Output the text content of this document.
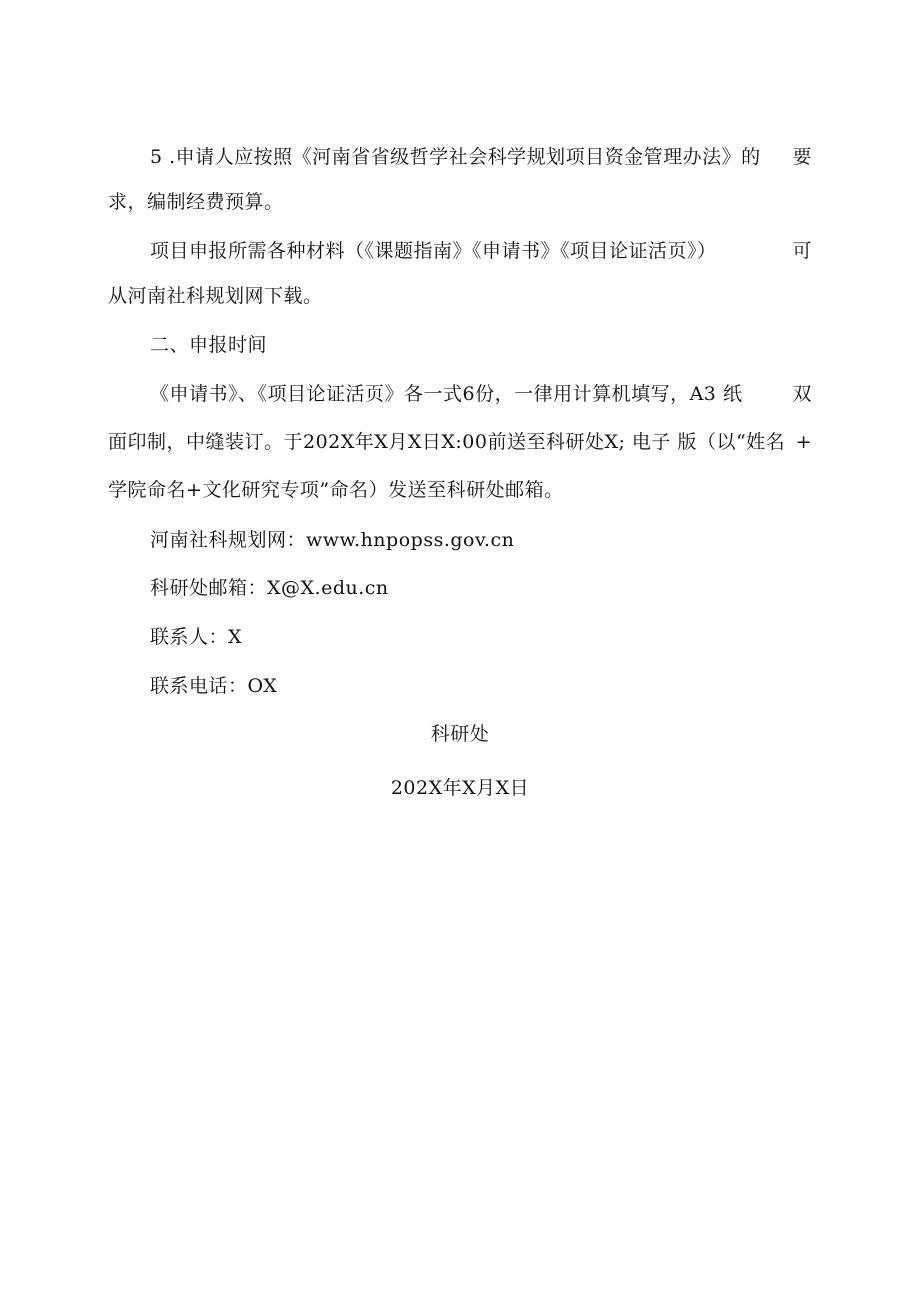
5 .申请人应按照《河南省省级哲学社会科学规划项目资金管理办法》的 要
求，编制经费预算。
项目申报所需各种材料（《课题指南》《申请书》《项目论证活页》）	可
从河南社科规划网下载。
二、申报时间
《申请书》、《项目论证活页》各一式6份，一律用计算机填写，A3 纸	双
面印制，中缝装订。于202X年X月X日X:00前送至科研处X; 电子 版（以“姓名 +
学院命名+文化研究专项”命名）发送至科研处邮箱。
河南社科规划网：www.hnpopss.gov.cn
科研处邮箱：X@X.edu.cn
联系人：X
联系电话：OX
科研处
202X年X月X日
